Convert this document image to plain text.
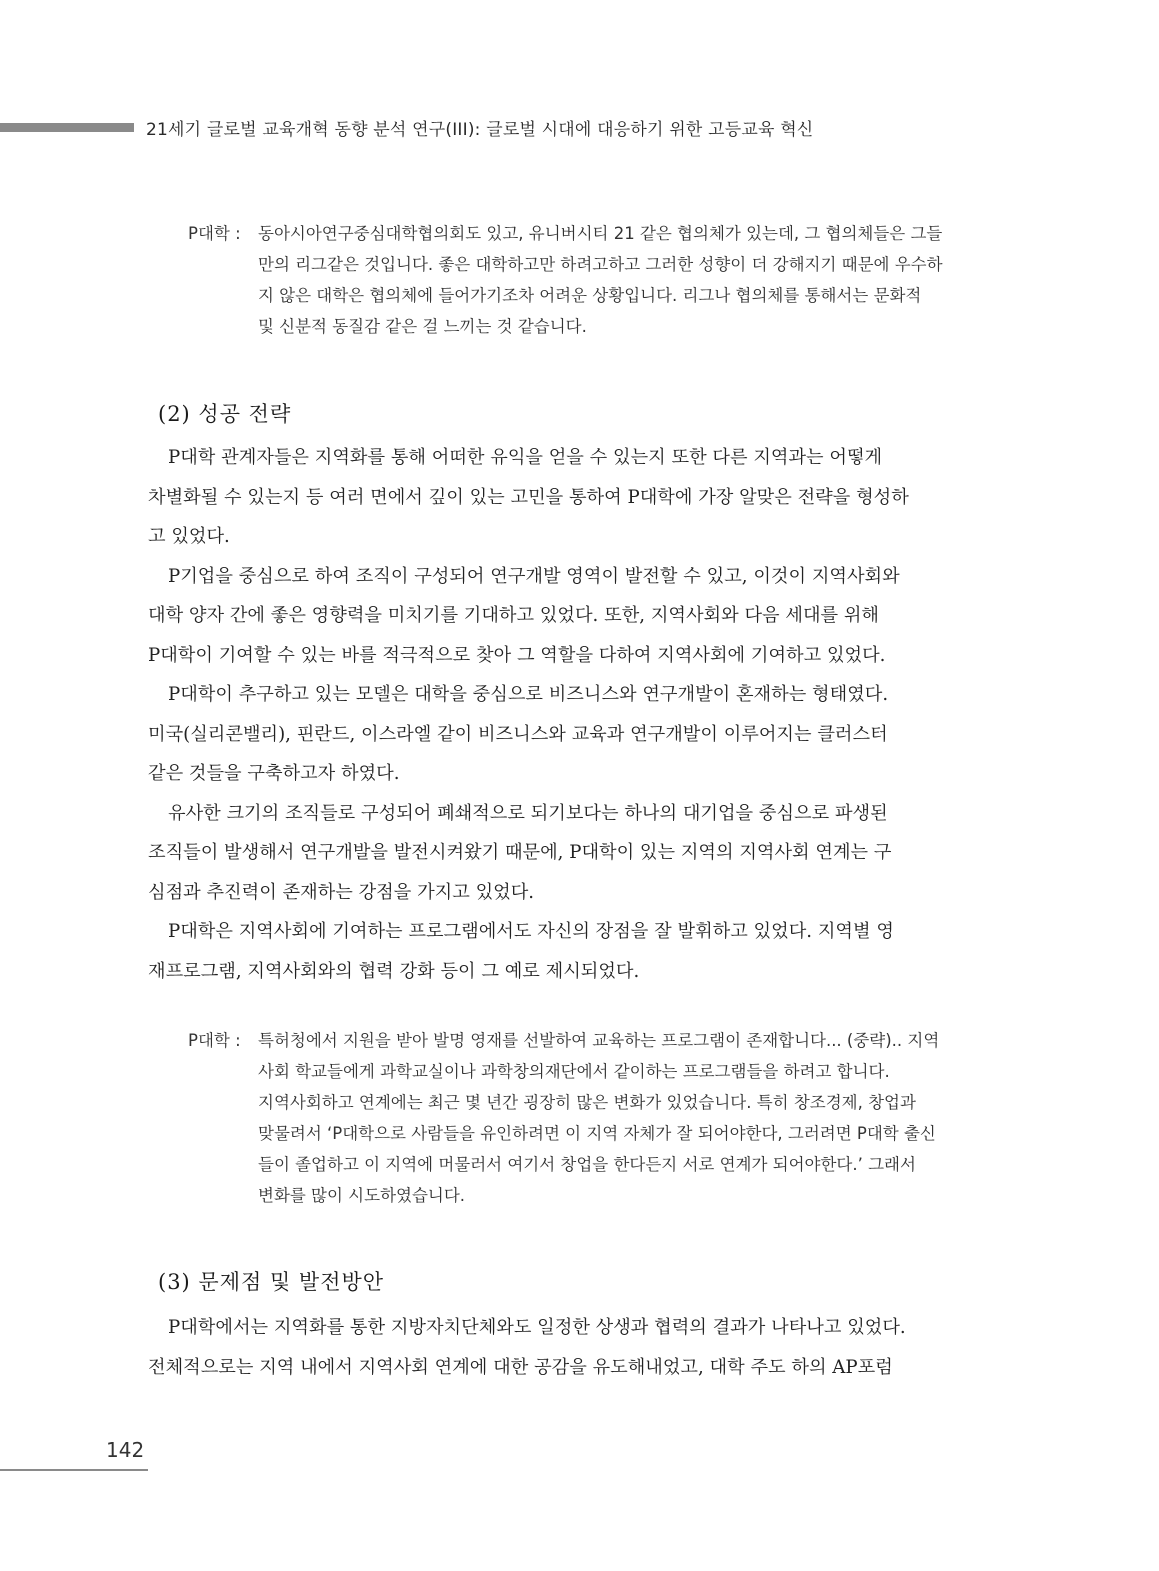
21세기 글로벌 교육개혁 동향 분석 연구(III): 글로벌 시대에 대응하기 위한 고등교육 혁신
P대학 :	동아시아연구중심대학협의회도 있고, 유니버시티 21 같은 협의체가 있는데, 그 협의체들은 그들
만의 리그같은 것입니다. 좋은 대학하고만 하려고하고 그러한 성향이 더 강해지기 때문에 우수하
지 않은 대학은 협의체에 들어가기조차 어려운 상황입니다. 리그나 협의체를 통해서는 문화적
및 신분적 동질감 같은 걸 느끼는 것 같습니다.
(2) 성공 전략
P대학 관계자들은 지역화를 통해 어떠한 유익을 얻을 수 있는지 또한 다른 지역과는 어떻게
차별화될 수 있는지 등 여러 면에서 깊이 있는 고민을 통하여 P대학에 가장 알맞은 전략을 형성하
고 있었다.
P기업을 중심으로 하여 조직이 구성되어 연구개발 영역이 발전할 수 있고, 이것이 지역사회와
대학 양자 간에 좋은 영향력을 미치기를 기대하고 있었다. 또한, 지역사회와 다음 세대를 위해
P대학이 기여할 수 있는 바를 적극적으로 찾아 그 역할을 다하여 지역사회에 기여하고 있었다.
P대학이 추구하고 있는 모델은 대학을 중심으로 비즈니스와 연구개발이 혼재하는 형태였다.
미국(실리콘밸리), 핀란드, 이스라엘 같이 비즈니스와 교육과 연구개발이 이루어지는 클러스터
같은 것들을 구축하고자 하였다.
유사한 크기의 조직들로 구성되어 폐쇄적으로 되기보다는 하나의 대기업을 중심으로 파생된
조직들이 발생해서 연구개발을 발전시켜왔기 때문에, P대학이 있는 지역의 지역사회 연계는 구
심점과 추진력이 존재하는 강점을 가지고 있었다.
P대학은 지역사회에 기여하는 프로그램에서도 자신의 장점을 잘 발휘하고 있었다. 지역별 영
재프로그램, 지역사회와의 협력 강화 등이 그 예로 제시되었다.
P대학 :	특허청에서 지원을 받아 발명 영재를 선발하여 교육하는 프로그램이 존재합니다... (중략).. 지역
사회 학교들에게 과학교실이나 과학창의재단에서 같이하는 프로그램들을 하려고 합니다.
지역사회하고 연계에는 최근 몇 년간 굉장히 많은 변화가 있었습니다. 특히 창조경제, 창업과
맞물려서 ‘P대학으로 사람들을 유인하려면 이 지역 자체가 잘 되어야한다, 그러려면 P대학 출신
들이 졸업하고 이 지역에 머물러서 여기서 창업을 한다든지 서로 연계가 되어야한다.’ 그래서
변화를 많이 시도하였습니다.
(3) 문제점 및 발전방안
P대학에서는 지역화를 통한 지방자치단체와도 일정한 상생과 협력의 결과가 나타나고 있었다.
전체적으로는 지역 내에서 지역사회 연계에 대한 공감을 유도해내었고, 대학 주도 하의 AP포럼
142
